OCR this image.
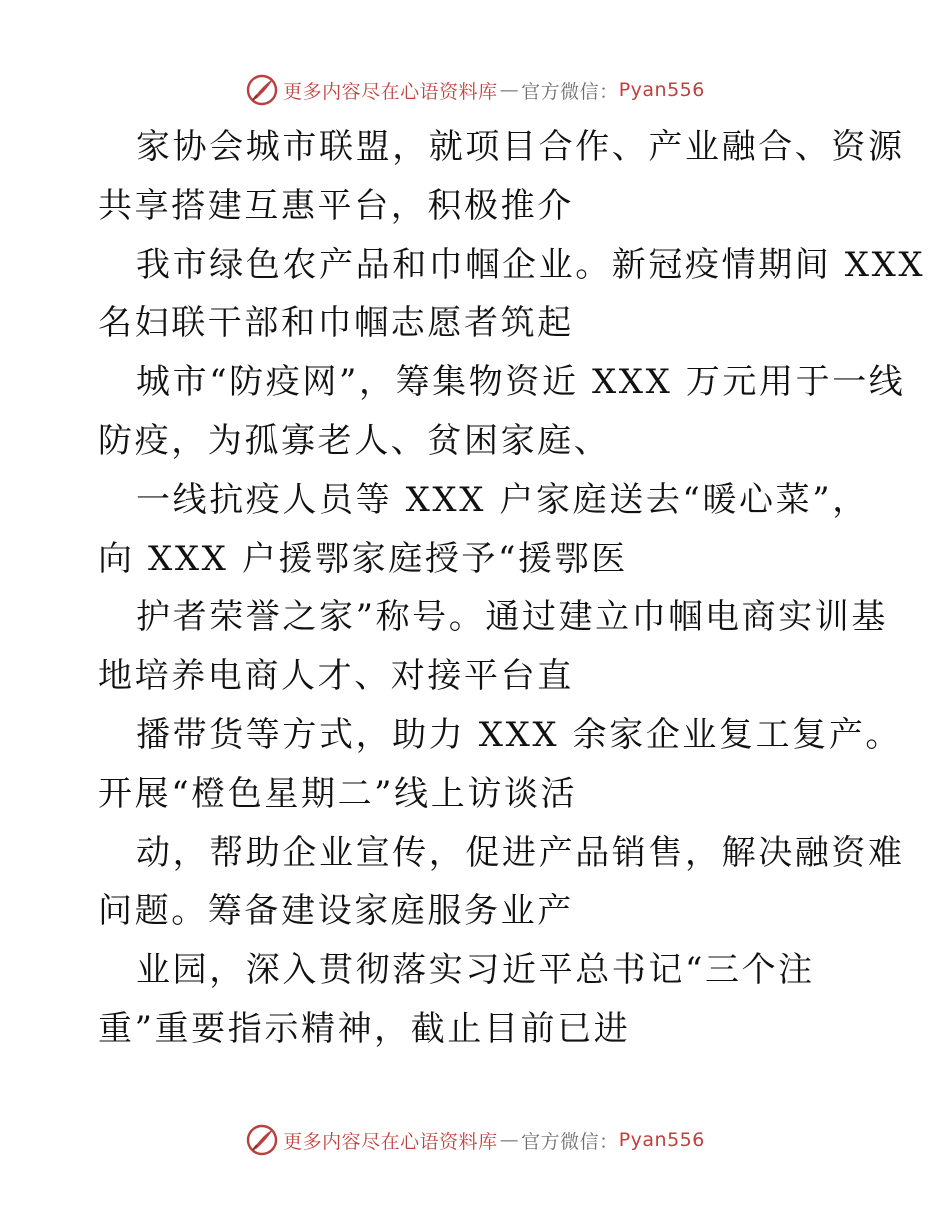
更多内容尽在心语资料库 — 官方微信： Pyan556
家协会城市联盟，就项目合作、产业融合、资源
共享搭建互惠平台，积极推介
我市绿色农产品和巾帼企业。新冠疫情期间 XXX
名妇联干部和巾帼志愿者筑起
城市“防疫网”，筹集物资近 XXX 万元用于一线
防疫，为孤寡老人、贫困家庭、
一线抗疫人员等 XXX 户家庭送去“暖心菜”，
向 XXX 户援鄂家庭授予“援鄂医
护者荣誉之家”称号。通过建立巾帼电商实训基
地培养电商人才、对接平台直
播带货等方式，助力 XXX 余家企业复工复产。
开展“橙色星期二”线上访谈活
动，帮助企业宣传，促进产品销售，解决融资难
问题。筹备建设家庭服务业产
业园，深入贯彻落实习近平总书记“三个注
重”重要指示精神，截止目前已进
更多内容尽在心语资料库 — 官方微信： Pyan556
